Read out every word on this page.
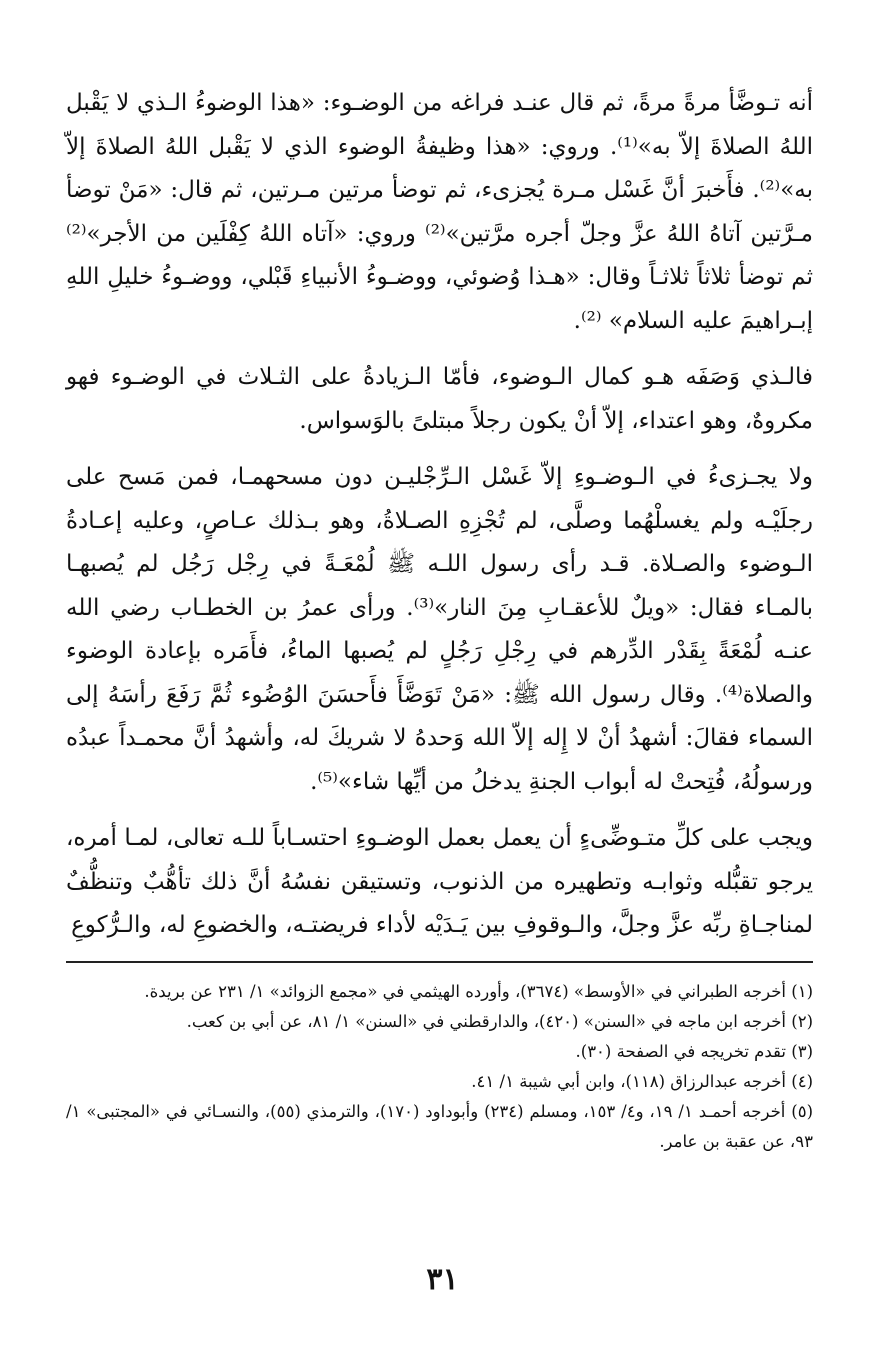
أنه تـوضَّأ مرةً مرةً، ثم قال عنـد فراغه من الوضـوء: «هذا الوضوءُ الـذي لا يَقْبل اللهُ الصلاةَ إلاّ به»⁽¹⁾. وروي: «هذا وظيفةُ الوضوء الذي لا يَقْبل اللهُ الصلاةَ إلاّ به»⁽²⁾. فأَخبرَ أنَّ غَسْل مـرة يُجزىء، ثم توضأ مرتين مـرتين، ثم قال: «مَنْ توضأ مـرَّتين آتاهُ اللهُ عزَّ وجلّ أجره مرَّتين»⁽²⁾ وروي: «آتاه اللهُ كِفْلَين من الأجر»⁽²⁾ ثم توضأ ثلاثاً ثلاثـاً وقال: «هـذا وُضوئي، ووضـوءُ الأنبياءِ قَبْلي، ووضـوءُ خليلِ اللهِ إبـراهيمَ عليه السلام» ⁽²⁾.

فالـذي وَصَفَه هـو كمال الـوضوء، فأمّا الـزيادةُ على الثـلاث في الوضـوء فهو مكروهٌ، وهو اعتداء، إلاّ أنْ يكون رجلاً مبتلىً بالوَسواس.

ولا يجـزىءُ في الـوضـوءِ إلاّ غَسْل الـرِّجْليـن دون مسحهمـا، فمن مَسح على رجلَيْـه ولم يغسلْهُما وصلَّى، لم تُجْزِهِ الصـلاةُ، وهو بـذلك عـاصٍ، وعليه إعـادةُ الـوضوء والصـلاة. قـد رأى رسول اللـه ﷺ لُمْعَـةً في رِجْل رَجُل لم يُصبهـا بالمـاء فقال: «ويلٌ للأعقـابِ مِنَ النار»⁽³⁾. ورأى عمرُ بن الخطـاب رضي الله عنـه لُمْعَةً بِقَدْر الدِّرهم في رِجْلِ رَجُلٍ لم يُصبها الماءُ، فأَمَره بإعادة الوضوء والصلاة⁽⁴⁾. وقال رسول الله ﷺ: «مَنْ تَوَضَّأَ فأَحسَنَ الوُضُوء ثُمَّ رَفَعَ رأسَهُ إلى السماء فقالَ: أشهدُ أنْ لا إِله إلاّ الله وَحدهُ لا شريكَ له، وأشهدُ أنَّ محمـداً عبدُه ورسولُهُ، فُتِحتْ له أبواب الجنةِ يدخلُ من أيِّها شاء»⁽⁵⁾.

ويجب على كلِّ متـوضِّىءٍ أن يعمل بعمل الوضـوءِ احتسـاباً للـه تعالى، لمـا أمره، يرجو تقبُّله وثوابـه وتطهيره من الذنوب، وتستيقن نفسُهُ أنَّ ذلك تأهُّبٌ وتنظُّفٌ لمناجـاةِ ربِّه عزَّ وجلَّ، والـوقوفِ بين يَـدَيْه لأداء فريضتـه، والخضوعِ له، والـرُّكوعِ

(١) أخرجه الطبراني في «الأوسط» (٣٦٧٤)، وأورده الهيثمي في «مجمع الزوائد» ١/ ٢٣١ عن بريدة.

(٢) أخرجه ابن ماجه في «السنن» (٤٢٠)، والدارقطني في «السنن» ١/ ٨١، عن أبي بن كعب.

(٣) تقدم تخريجه في الصفحة (٣٠).

(٤) أخرجه عبدالرزاق (١١٨)، وابن أبي شيبة ١/ ٤١.

(٥) أخرجه أحمـد ١/ ١٩، و٤/ ١٥٣، ومسلم (٢٣٤) وأبوداود (١٧٠)، والترمذي (٥٥)، والنسـائي في «المجتبى» ١/ ٩٣، عن عقبة بن عامر.

٣١
